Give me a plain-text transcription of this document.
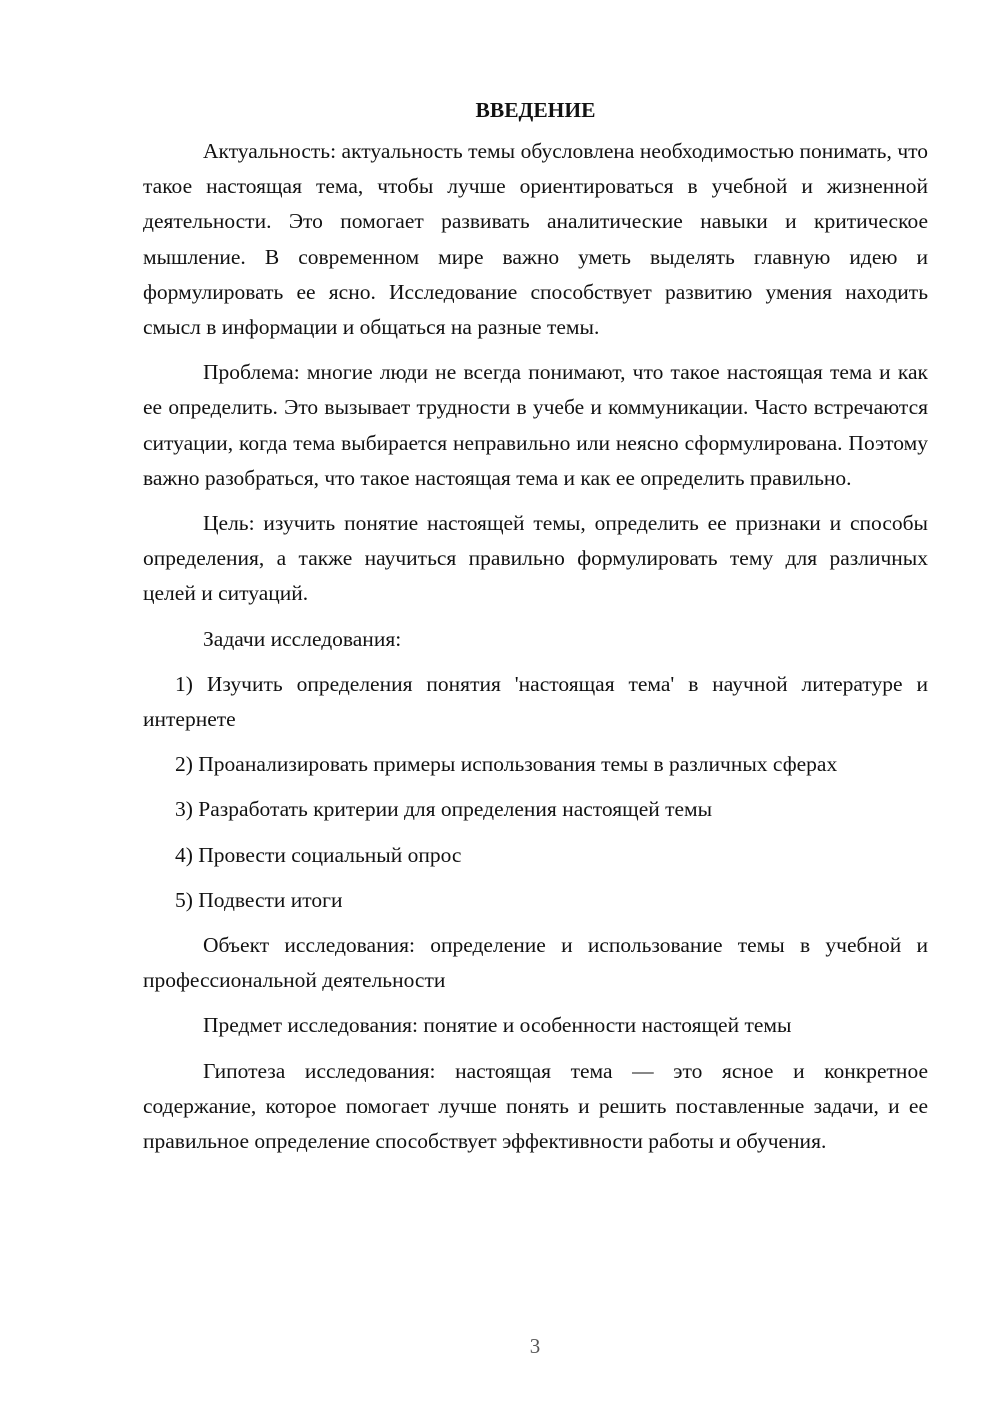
ВВЕДЕНИЕ

Актуальность: актуальность темы обусловлена необходимостью понимать, что такое настоящая тема, чтобы лучше ориентироваться в учебной и жизненной деятельности. Это помогает развивать аналитические навыки и критическое мышление. В современном мире важно уметь выделять главную идею и формулировать ее ясно. Исследование способствует развитию умения находить смысл в информации и общаться на разные темы.

Проблема: многие люди не всегда понимают, что такое настоящая тема и как ее определить. Это вызывает трудности в учебе и коммуникации. Часто встречаются ситуации, когда тема выбирается неправильно или неясно сформулирована. Поэтому важно разобраться, что такое настоящая тема и как ее определить правильно.

Цель: изучить понятие настоящей темы, определить ее признаки и способы определения, а также научиться правильно формулировать тему для различных целей и ситуаций.

Задачи исследования:

1) Изучить определения понятия 'настоящая тема' в научной литературе и интернете

2) Проанализировать примеры использования темы в различных сферах

3) Разработать критерии для определения настоящей темы

4) Провести социальный опрос

5) Подвести итоги

Объект исследования: определение и использование темы в учебной и профессиональной деятельности

Предмет исследования: понятие и особенности настоящей темы

Гипотеза исследования: настоящая тема — это ясное и конкретное содержание, которое помогает лучше понять и решить поставленные задачи, и ее правильное определение способствует эффективности работы и обучения.

3
